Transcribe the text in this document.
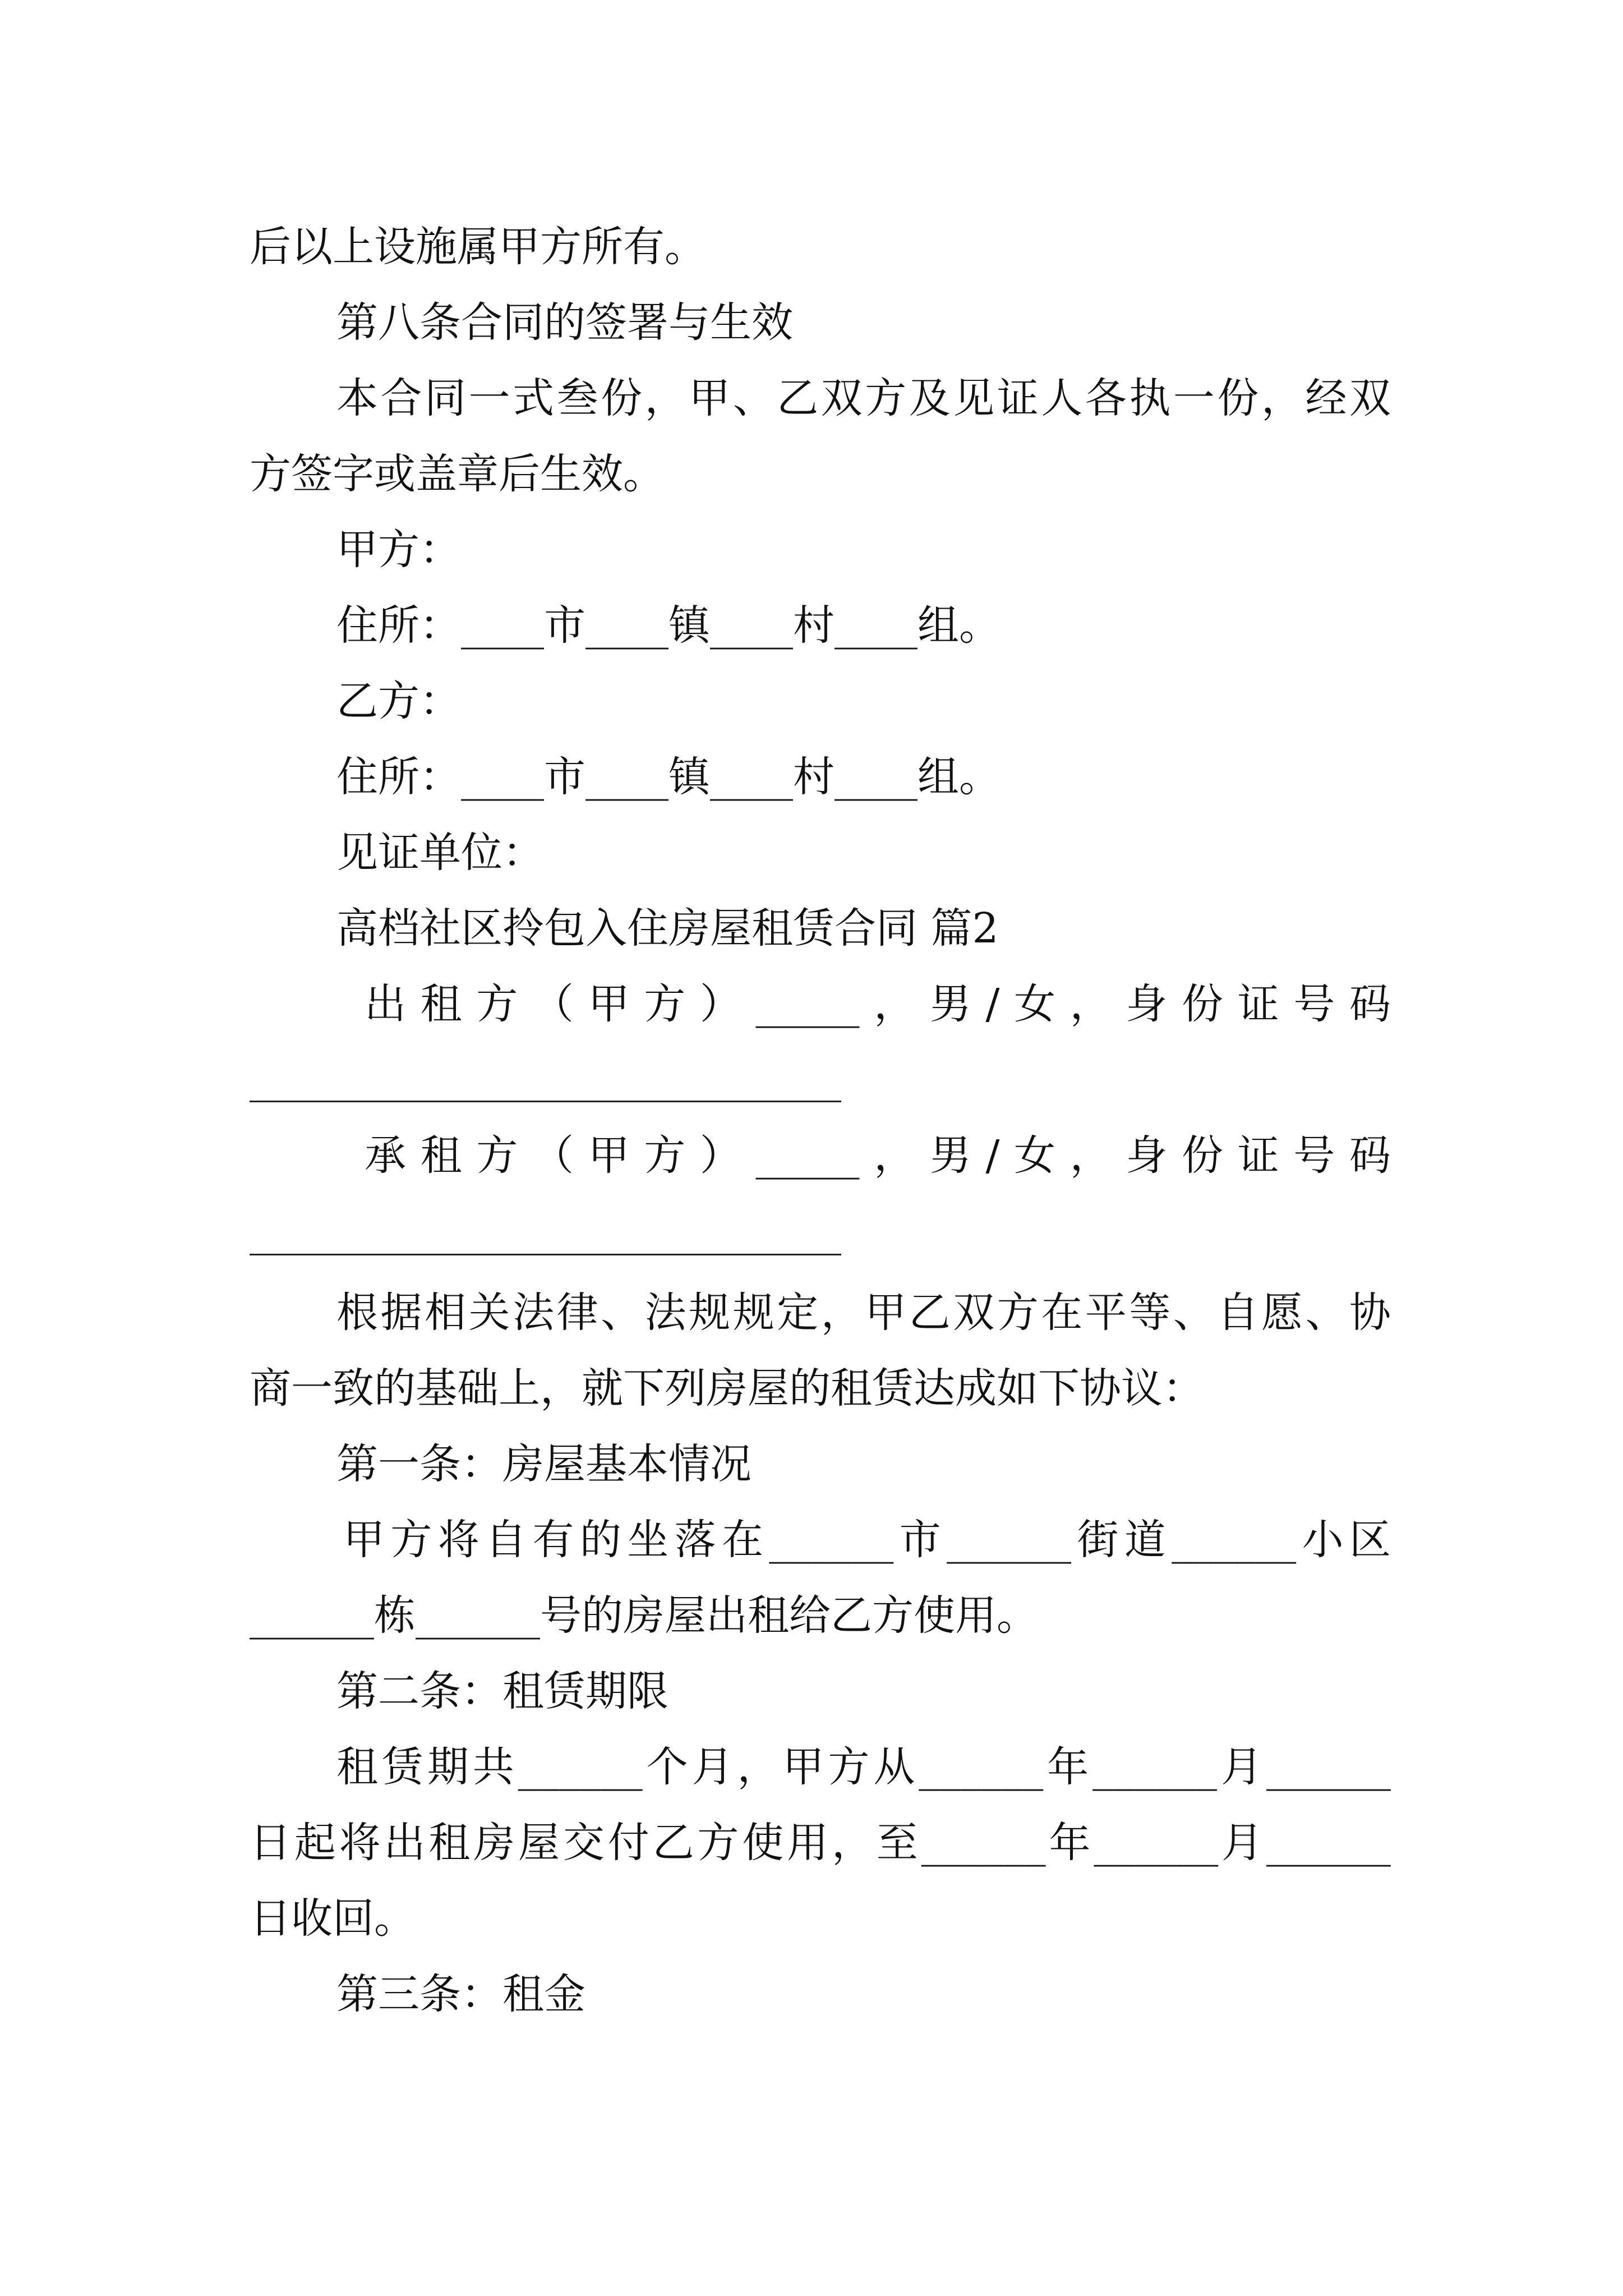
后以上设施属甲方所有。
第八条合同的签署与生效
本合同一式叁份，甲、乙双方及见证人各执一份，经双
方签字或盖章后生效。
甲方：
住所：____市____镇____村____组。
乙方：
住所：____市____镇____村____组。
见证单位：
高档社区拎包入住房屋租赁合同 篇2
出租方（甲方）_____，男/女，身份证号码
承租方（甲方）_____，男/女，身份证号码
根据相关法律、法规规定，甲乙双方在平等、自愿、协
商一致的基础上，就下列房屋的租赁达成如下协议：
第一条：房屋基本情况
甲方将自有的坐落在______市______街道______小区
______栋______号的房屋出租给乙方使用。
第二条：租赁期限
租赁期共______个月，甲方从______年______月______
日起将出租房屋交付乙方使用，至______年______月______
日收回。
第三条：租金
